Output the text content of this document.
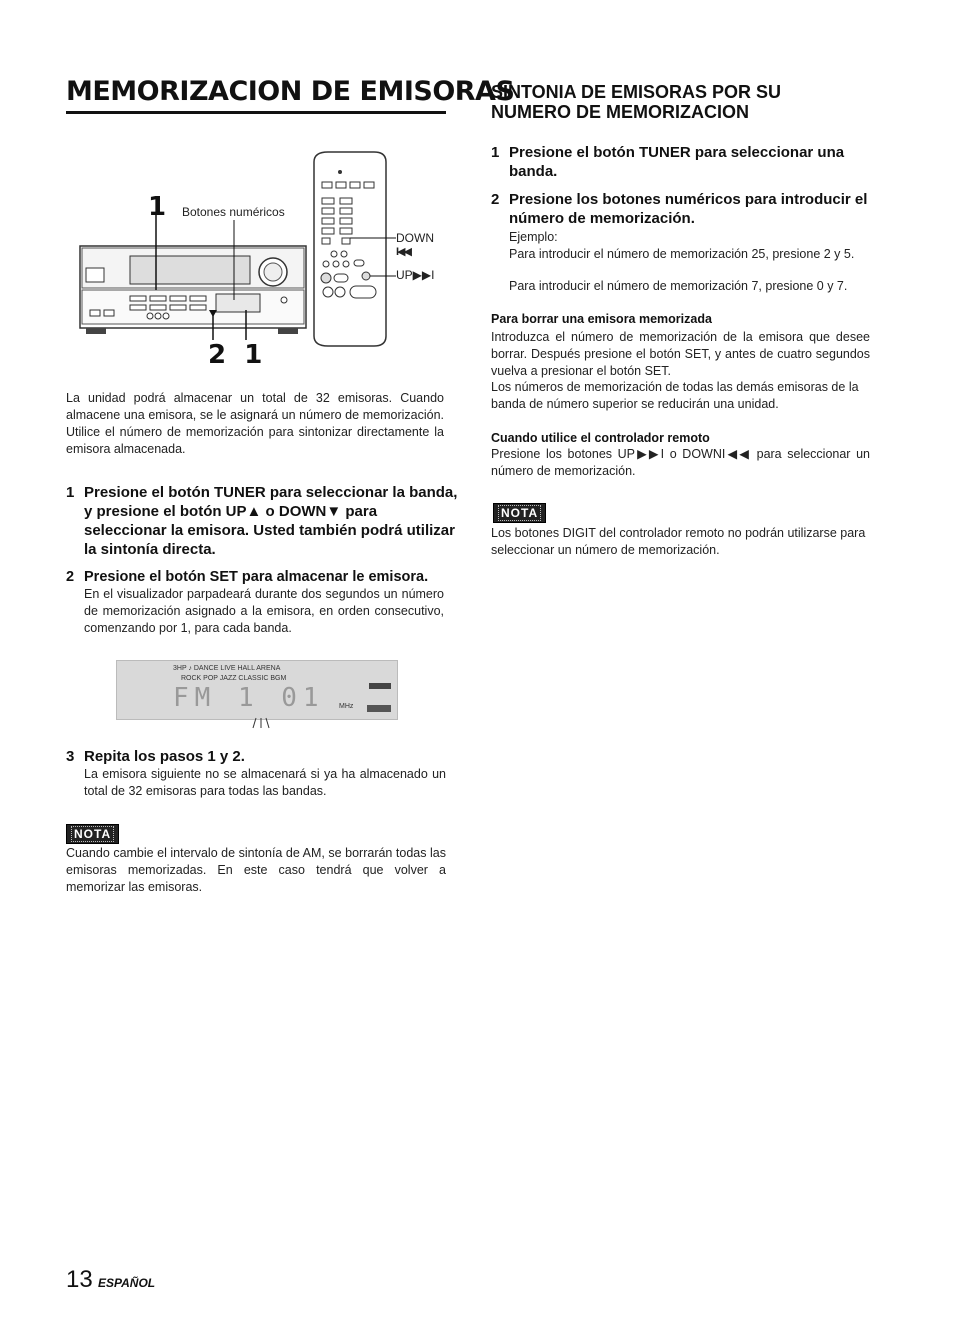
MEMORIZACION DE EMISORAS
1 Botones numéricos
2  1
DOWN
I◀◀
UP▶▶I
La unidad podrá almacenar un total de 32 emisoras. Cuando almacene una emisora, se le asignará un número de memorización. Utilice el número de memorización para sintonizar directamente la emisora almacenada.
1 Presione el botón TUNER para seleccionar la banda, y presione el botón UP▲ o DOWN▼ para seleccionar la emisora. Usted también podrá utilizar la sintonía directa.
2 Presione el botón SET para almacenar le emisora.
En el visualizador parpadeará durante dos segundos un número de memorización asignado a la emisora, en orden consecutivo, comenzando por 1, para cada banda.
3HP ♪ DANCE LIVE HALL ARENA
ROCK POP JAZZ CLASSIC BGM
FM 1 01 MHz
3 Repita los pasos 1 y 2.
La emisora siguiente no se almacenará si ya ha almacenado un total de 32 emisoras para todas las bandas.
NOTA
Cuando cambie el intervalo de sintonía de AM, se borrarán todas las emisoras memorizadas. En este caso tendrá que volver a memorizar las emisoras.
SINTONIA DE EMISORAS POR SU NUMERO DE MEMORIZACION
1 Presione el botón TUNER para seleccionar una banda.
2 Presione los botones numéricos para introducir el número de memorización.
Ejemplo:
Para introducir el número de memorización 25, presione 2 y 5.
Para introducir el número de memorización 7, presione 0 y 7.
Para borrar una emisora memorizada
Introduzca el número de memorización de la emisora que desee borrar. Después presione el botón SET, y antes de cuatro segundos vuelva a presionar el botón SET.
Los números de memorización de todas las demás emisoras de la banda de número superior se reducirán una unidad.
Cuando utilice el controlador remoto
Presione los botones UP▶▶I o DOWNI◀◀ para seleccionar un número de memorización.
NOTA
Los botones DIGIT del controlador remoto no podrán utilizarse para seleccionar un número de memorización.
13 ESPAÑOL
